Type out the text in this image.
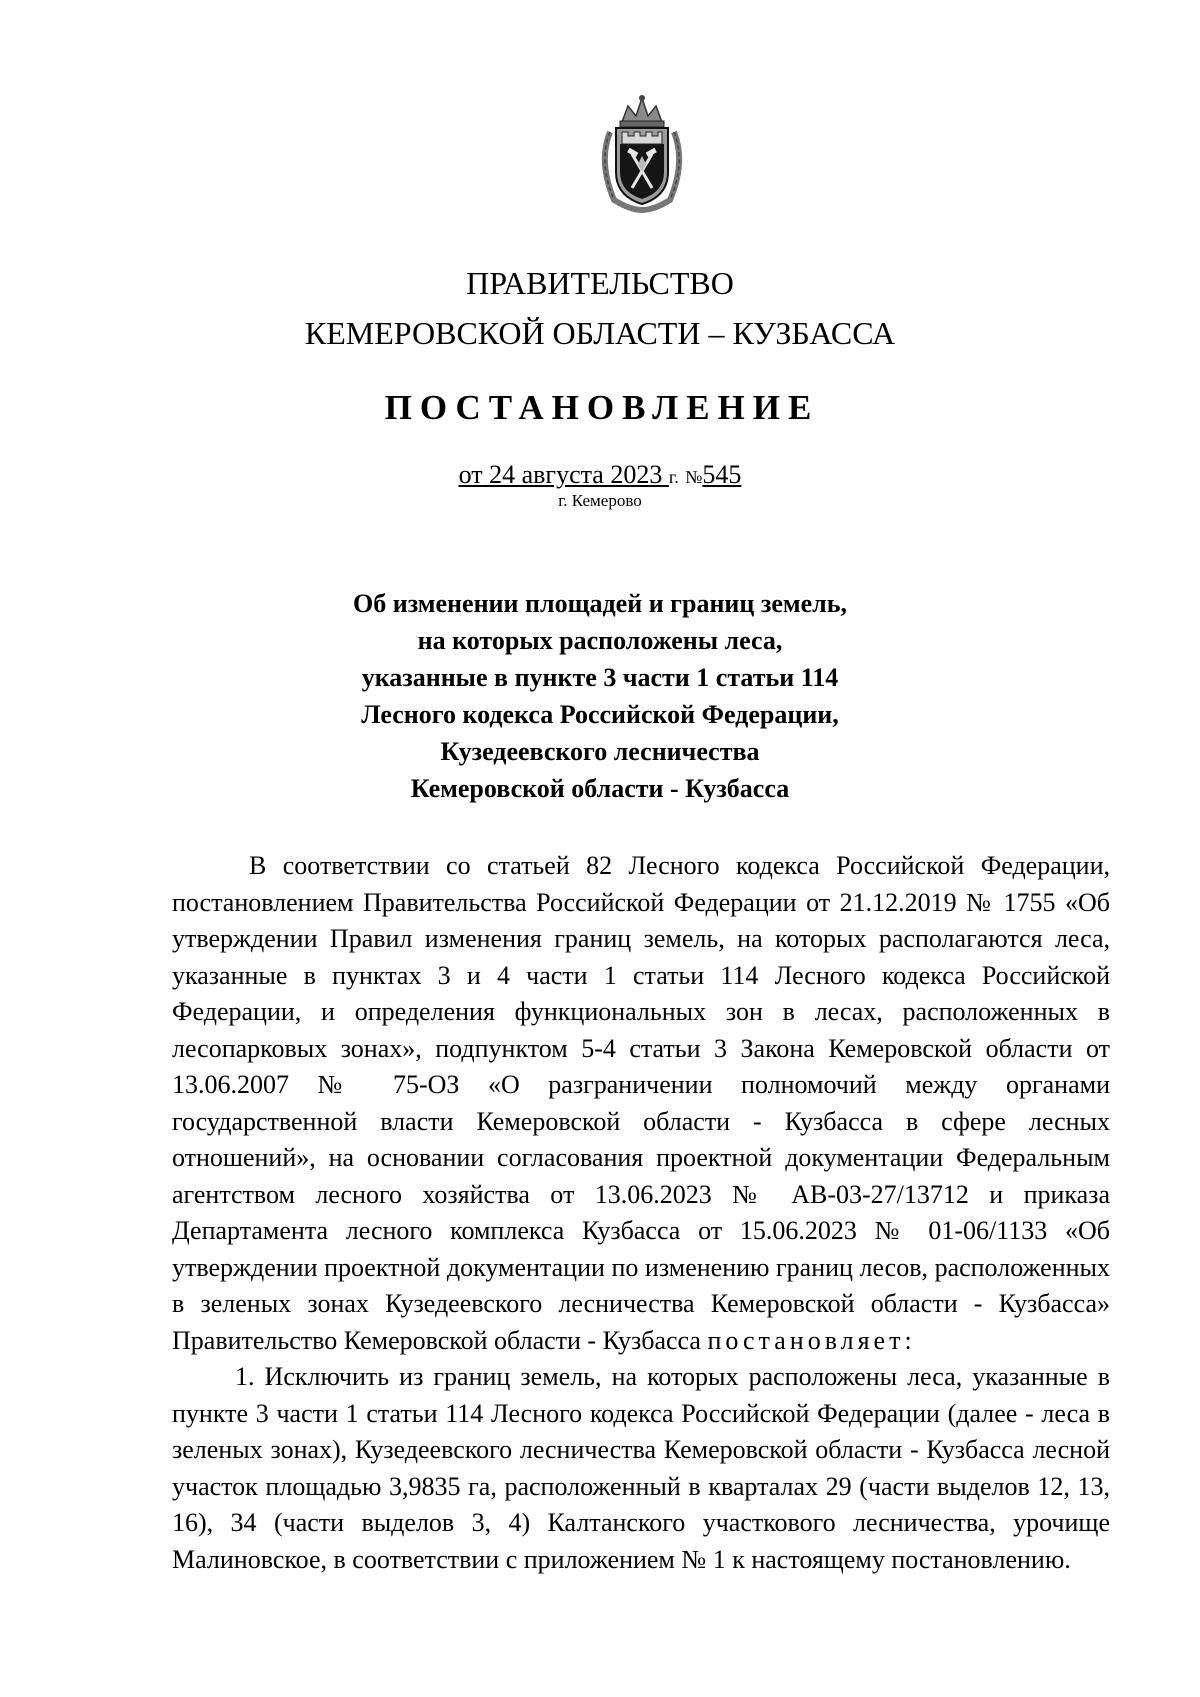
ПРАВИТЕЛЬСТВО
КЕМЕРОВСКОЙ ОБЛАСТИ – КУЗБАССА
ПОСТАНОВЛЕНИЕ
от 24 августа 2023 г. №545
г. Кемерово
Об изменении площадей и границ земель,
на которых расположены леса,
указанные в пункте 3 части 1 статьи 114
Лесного кодекса Российской Федерации,
Кузедеевского лесничества
Кемеровской области - Кузбасса

В соответствии со статьей 82 Лесного кодекса Российской Федерации, постановлением Правительства Российской Федерации от 21.12.2019 № 1755 «Об утверждении Правил изменения границ земель, на которых располагаются леса, указанные в пунктах 3 и 4 части 1 статьи 114 Лесного кодекса Российской Федерации, и определения функциональных зон в лесах, расположенных в лесопарковых зонах», подпунктом 5-4 статьи 3 Закона Кемеровской области от 13.06.2007 № 75-ОЗ «О разграничении полномочий между органами государственной власти Кемеровской области - Кузбасса в сфере лесных отношений», на основании согласования проектной документации Федеральным агентством лесного хозяйства от 13.06.2023 № АВ-03-27/13712 и приказа Департамента лесного комплекса Кузбасса от 15.06.2023 № 01-06/1133 «Об утверждении проектной документации по изменению границ лесов, расположенных в зеленых зонах Кузедеевского лесничества Кемеровской области - Кузбасса» Правительство Кемеровской области - Кузбасса постановляет:

1. Исключить из границ земель, на которых расположены леса, указанные в пункте 3 части 1 статьи 114 Лесного кодекса Российской Федерации (далее - леса в зеленых зонах), Кузедеевского лесничества Кемеровской области - Кузбасса лесной участок площадью 3,9835 га, расположенный в кварталах 29 (части выделов 12, 13, 16), 34 (части выделов 3, 4) Калтанского участкового лесничества, урочище Малиновское, в соответствии с приложением № 1 к настоящему постановлению.
